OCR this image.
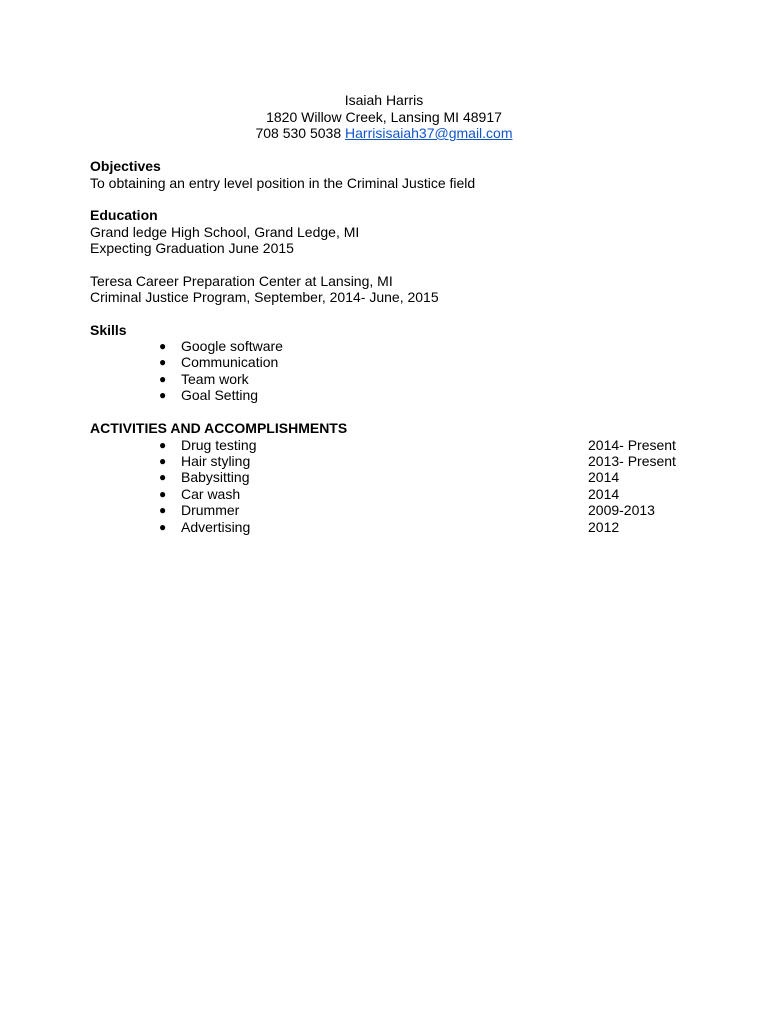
Isaiah Harris
1820 Willow Creek, Lansing MI 48917
708 530 5038 Harrisisaiah37@gmail.com
Objectives
To obtaining an entry level position in the Criminal Justice field
Education
Grand ledge High School, Grand Ledge, MI
Expecting Graduation June 2015
Teresa Career Preparation Center at Lansing, MI
Criminal Justice Program, September, 2014- June, 2015
Skills
● Google software
● Communication
● Team work
● Goal Setting
ACTIVITIES AND ACCOMPLISHMENTS
● Drug testing	2014- Present
● Hair styling	2013- Present
● Babysitting	2014
● Car wash	2014
● Drummer	2009-2013
● Advertising	2012
